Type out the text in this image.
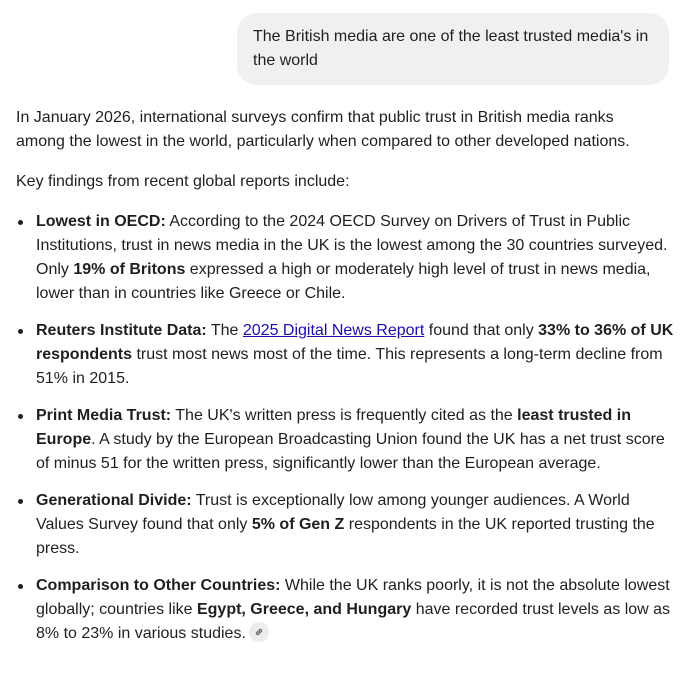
The British media are one of the least trusted media's in the world

In January 2026, international surveys confirm that public trust in British media ranks among the lowest in the world, particularly when compared to other developed nations.

Key findings from recent global reports include:

Lowest in OECD: According to the 2024 OECD Survey on Drivers of Trust in Public Institutions, trust in news media in the UK is the lowest among the 30 countries surveyed. Only 19% of Britons expressed a high or moderately high level of trust in news media, lower than in countries like Greece or Chile.
Reuters Institute Data: The 2025 Digital News Report found that only 33% to 36% of UK respondents trust most news most of the time. This represents a long-term decline from 51% in 2015.
Print Media Trust: The UK's written press is frequently cited as the least trusted in Europe. A study by the European Broadcasting Union found the UK has a net trust score of minus 51 for the written press, significantly lower than the European average.
Generational Divide: Trust is exceptionally low among younger audiences. A World Values Survey found that only 5% of Gen Z respondents in the UK reported trusting the press.
Comparison to Other Countries: While the UK ranks poorly, it is not the absolute lowest globally; countries like Egypt, Greece, and Hungary have recorded trust levels as low as 8% to 23% in various studies.
